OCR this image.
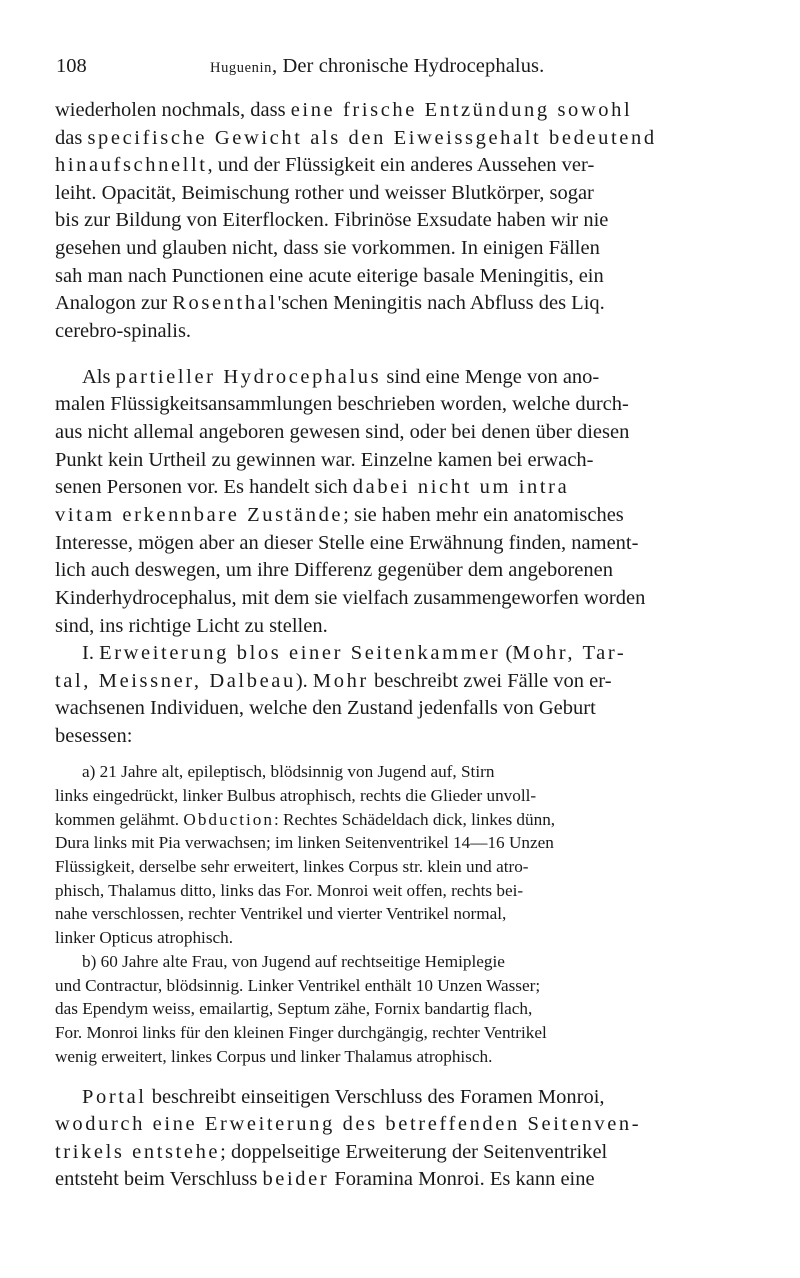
108	Huguenin, Der chronische Hydrocephalus.
wiederholen nochmals, dass eine frische Entzündung sowohl
das specifische Gewicht als den Eiweissgehalt bedeutend
hinaufschnellt, und der Flüssigkeit ein anderes Aussehen ver-
leiht. Opacität, Beimischung rother und weisser Blutkörper, sogar
bis zur Bildung von Eiterflocken. Fibrinöse Exsudate haben wir nie
gesehen und glauben nicht, dass sie vorkommen. In einigen Fällen
sah man nach Punctionen eine acute eiterige basale Meningitis, ein
Analogon zur Rosenthal'schen Meningitis nach Abfluss des Liq.
cerebro-spinalis.
Als partieller Hydrocephalus sind eine Menge von ano-
malen Flüssigkeitsansammlungen beschrieben worden, welche durch-
aus nicht allemal angeboren gewesen sind, oder bei denen über diesen
Punkt kein Urtheil zu gewinnen war. Einzelne kamen bei erwach-
senen Personen vor. Es handelt sich dabei nicht um intra
vitam erkennbare Zustände; sie haben mehr ein anatomisches
Interesse, mögen aber an dieser Stelle eine Erwähnung finden, nament-
lich auch deswegen, um ihre Differenz gegenüber dem angeborenen
Kinderhydrocephalus, mit dem sie vielfach zusammengeworfen worden
sind, ins richtige Licht zu stellen.
I. Erweiterung blos einer Seitenkammer (Mohr, Tar-
tal, Meissner, Dalbeau). Mohr beschreibt zwei Fälle von er-
wachsenen Individuen, welche den Zustand jedenfalls von Geburt
besessen:
a) 21 Jahre alt, epileptisch, blödsinnig von Jugend auf, Stirn
links eingedrückt, linker Bulbus atrophisch, rechts die Glieder unvoll-
kommen gelähmt. Obduction: Rechtes Schädeldach dick, linkes dünn,
Dura links mit Pia verwachsen; im linken Seitenventrikel 14—16 Unzen
Flüssigkeit, derselbe sehr erweitert, linkes Corpus str. klein und atro-
phisch, Thalamus ditto, links das For. Monroi weit offen, rechts bei-
nahe verschlossen, rechter Ventrikel und vierter Ventrikel normal,
linker Opticus atrophisch.
b) 60 Jahre alte Frau, von Jugend auf rechtseitige Hemiplegie
und Contractur, blödsinnig. Linker Ventrikel enthält 10 Unzen Wasser;
das Ependym weiss, emailartig, Septum zähe, Fornix bandartig flach,
For. Monroi links für den kleinen Finger durchgängig, rechter Ventrikel
wenig erweitert, linkes Corpus und linker Thalamus atrophisch.
Portal beschreibt einseitigen Verschluss des Foramen Monroi,
wodurch eine Erweiterung des betreffenden Seitenven-
trikels entstehe; doppelseitige Erweiterung der Seitenventrikel
entsteht beim Verschluss beider Foramina Monroi. Es kann eine
